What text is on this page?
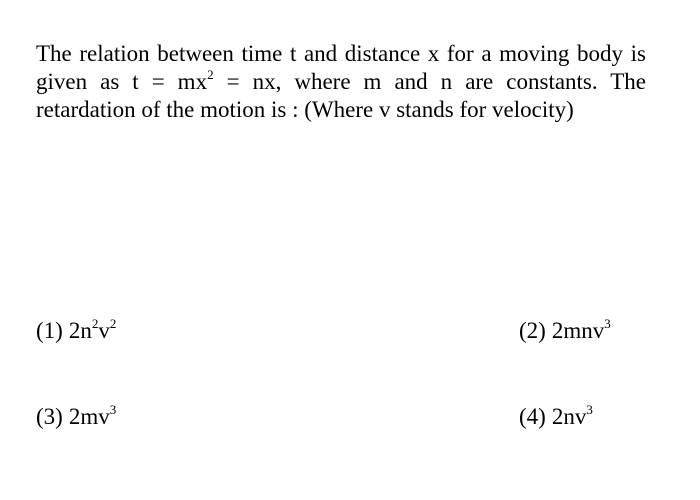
The relation between time t and distance x for a moving body is
given as $t = mx^2$ = nx, where m and n are constants. The
retardation of the motion is : (Where v stands for velocity)
(1) $2n^2v^2$	(2) 2mnv$^3$
(3) $2mv^3$	(4) $2nv^3$
